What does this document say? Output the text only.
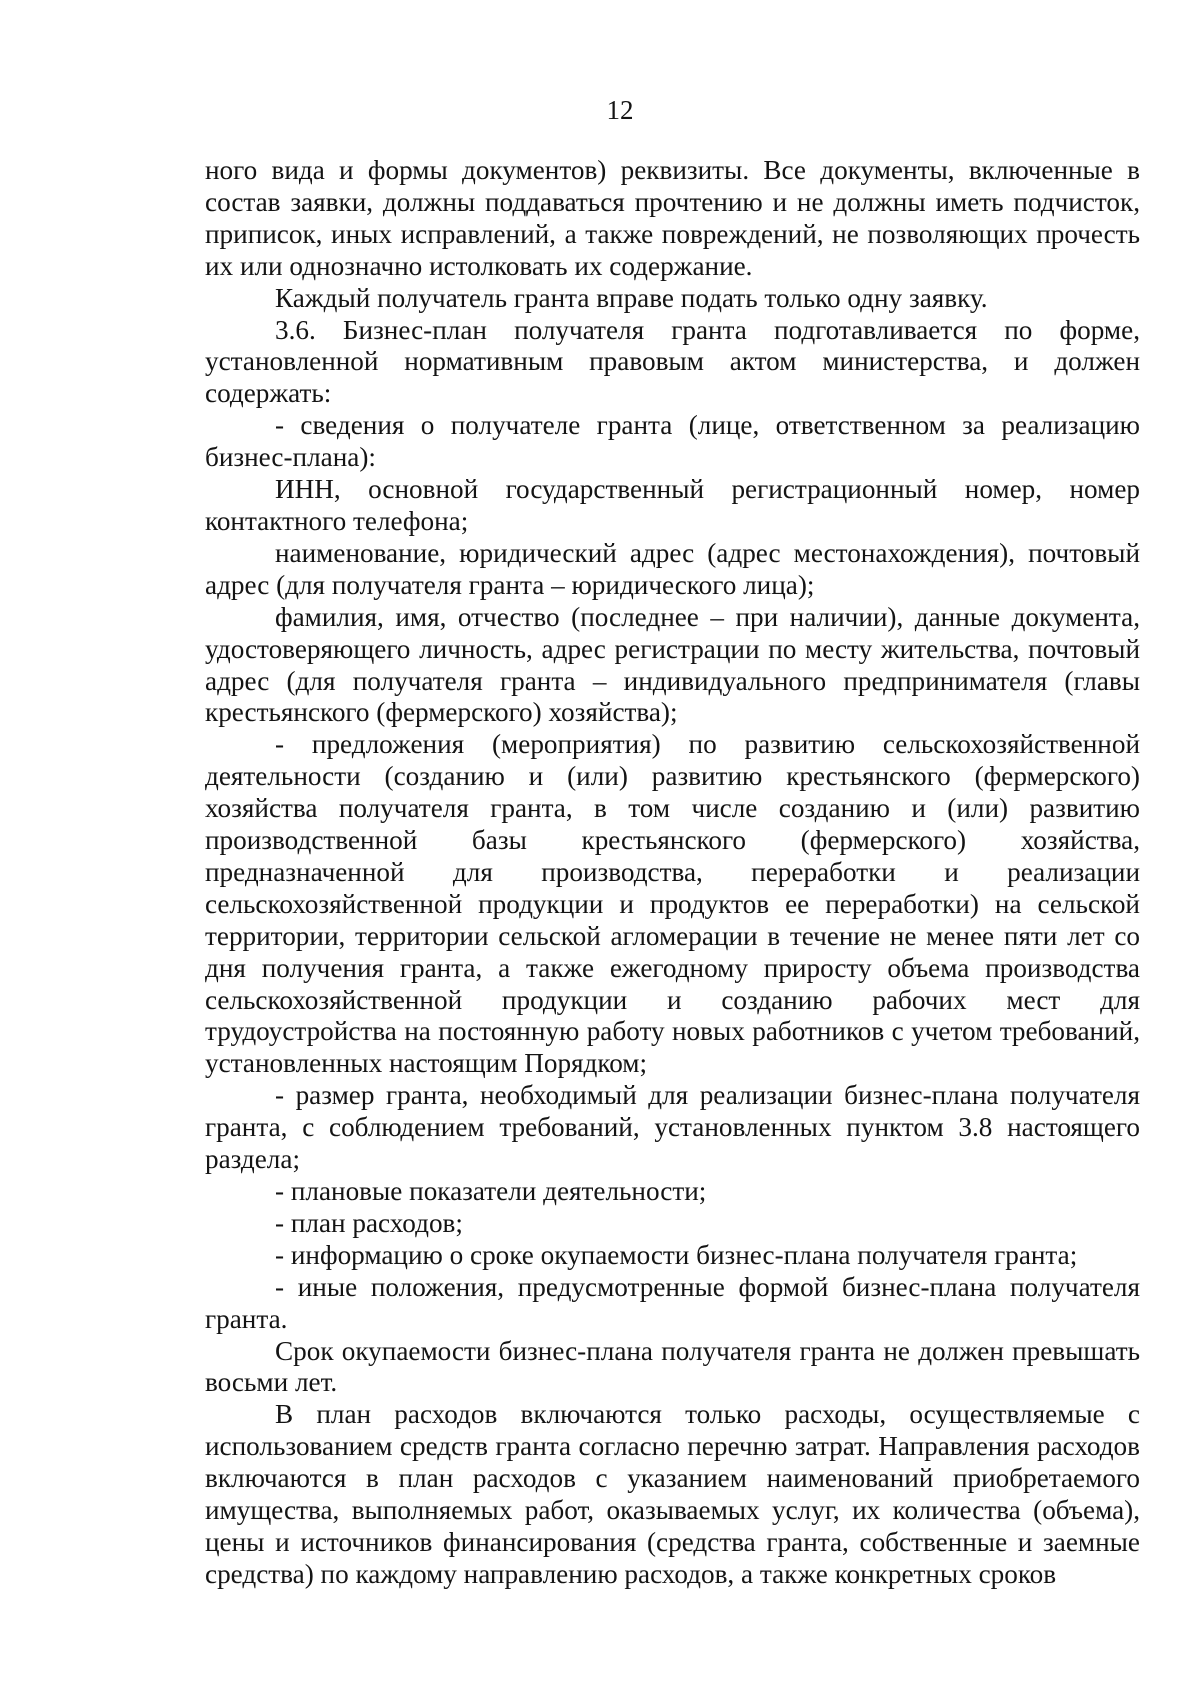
12

ного вида и формы документов) реквизиты. Все документы, включенные в состав заявки, должны поддаваться прочтению и не должны иметь подчисток, приписок, иных исправлений, а также повреждений, не позволяющих прочесть их или однозначно истолковать их содержание.

Каждый получатель гранта вправе подать только одну заявку.

3.6. Бизнес-план получателя гранта подготавливается по форме, установленной нормативным правовым актом министерства, и должен содержать:

- сведения о получателе гранта (лице, ответственном за реализацию бизнес-плана):

ИНН, основной государственный регистрационный номер, номер контактного телефона;

наименование, юридический адрес (адрес местонахождения), почтовый адрес (для получателя гранта – юридического лица);

фамилия, имя, отчество (последнее – при наличии), данные документа, удостоверяющего личность, адрес регистрации по месту жительства, почтовый адрес (для получателя гранта – индивидуального предпринимателя (главы крестьянского (фермерского) хозяйства);

- предложения (мероприятия) по развитию сельскохозяйственной деятельности (созданию и (или) развитию крестьянского (фермерского) хозяйства получателя гранта, в том числе созданию и (или) развитию производственной базы крестьянского (фермерского) хозяйства, предназначенной для производства, переработки и реализации сельскохозяйственной продукции и продуктов ее переработки) на сельской территории, территории сельской агломерации в течение не менее пяти лет со дня получения гранта, а также ежегодному приросту объема производства сельскохозяйственной продукции и созданию рабочих мест для трудоустройства на постоянную работу новых работников с учетом требований, установленных настоящим Порядком;

- размер гранта, необходимый для реализации бизнес-плана получателя гранта, с соблюдением требований, установленных пунктом 3.8 настоящего раздела;

- плановые показатели деятельности;

- план расходов;

- информацию о сроке окупаемости бизнес-плана получателя гранта;

- иные положения, предусмотренные формой бизнес-плана получателя гранта.

Срок окупаемости бизнес-плана получателя гранта не должен превышать восьми лет.

В план расходов включаются только расходы, осуществляемые с использованием средств гранта согласно перечню затрат. Направления расходов включаются в план расходов с указанием наименований приобретаемого имущества, выполняемых работ, оказываемых услуг, их количества (объема), цены и источников финансирования (средства гранта, собственные и заемные средства) по каждому направлению расходов, а также конкретных сроков
